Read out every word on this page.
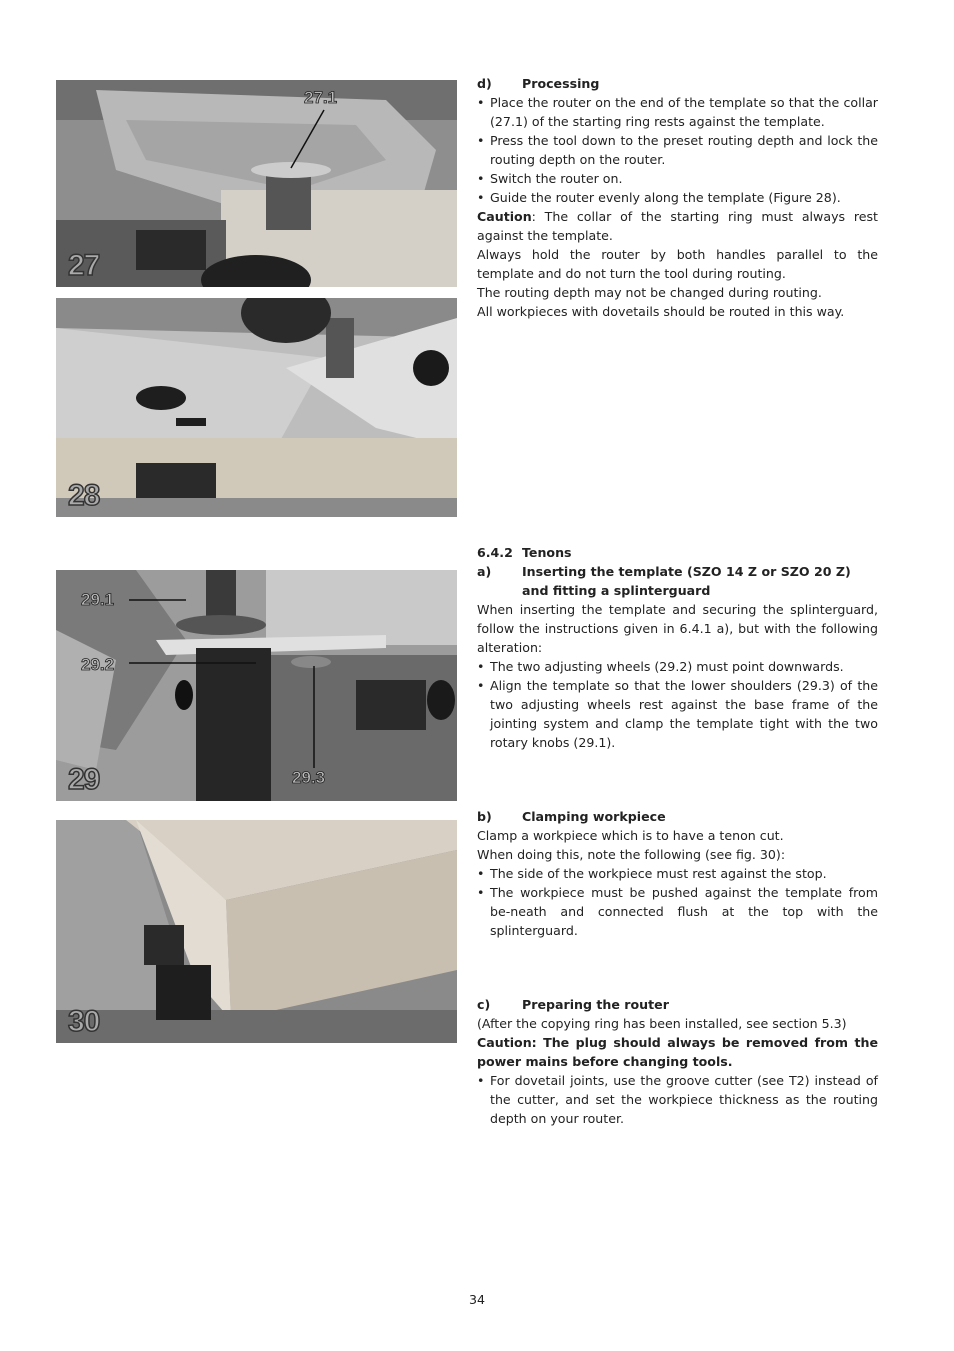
27.1
27
28
29.1
29.2
29.3
29
30
d)	Processing
• Place the router on the end of the template so that the collar (27.1) of the starting ring rests against the template.
• Press the tool down to the preset routing depth and lock the routing depth on the router.
• Switch the router on.
• Guide the router evenly along the template (Figure 28).

Caution: The collar of the starting ring must always rest against the template.

Always hold the router by both handles parallel to the template and do not turn the tool during routing.

The routing depth may not be changed during routing.

All workpieces with dovetails should be routed in this way.

6.4.2 Tenons
a)	Inserting the template (SZO 14 Z or SZO 20 Z) and fitting a splinterguard

When inserting the template and securing the splinterguard, follow the instructions given in 6.4.1 a), but with the following alteration:

• The two adjusting wheels (29.2) must point downwards.
• Align the template so that the lower shoulders (29.3) of the two adjusting wheels rest against the base frame of the jointing system and clamp the template tight with the two rotary knobs (29.1).
b)	Clamping workpiece

Clamp a workpiece which is to have a tenon cut.

When doing this, note the following (see fig. 30):

• The side of the workpiece must rest against the stop.
• The workpiece must be pushed against the template from be-neath and connected flush at the top with the splinterguard.
c)	Preparing the router

(After the copying ring has been installed, see section 5.3)

Caution: The plug should always be removed from the power mains before changing tools.

• For dovetail joints, use the groove cutter (see T2) instead of the cutter, and set the workpiece thickness as the routing depth on your router.
34
